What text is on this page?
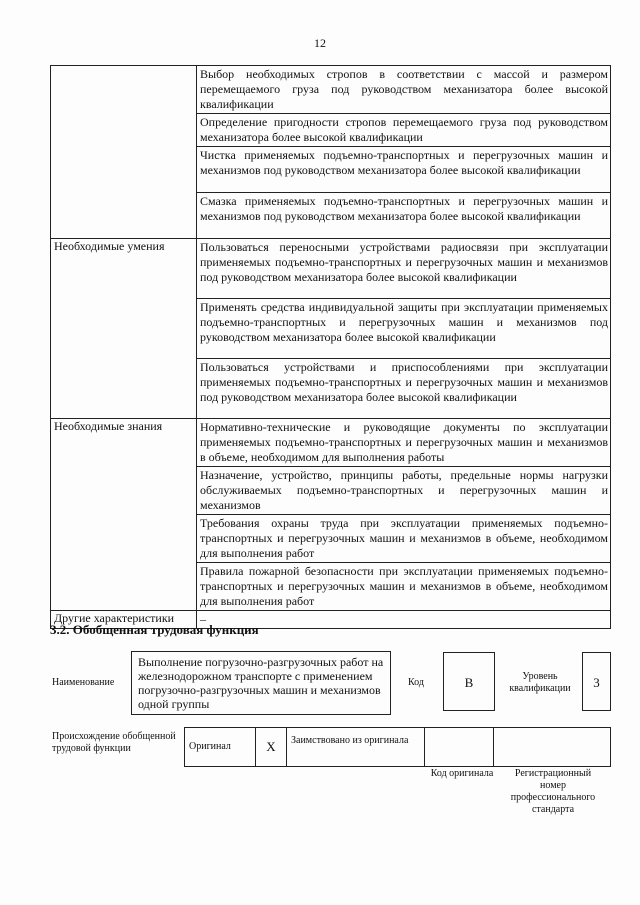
12
	Выбор необходимых стропов в соответствии с массой и размером перемещаемого груза под руководством механизатора более высокой квалификации
	Определение пригодности стропов перемещаемого груза под руководством механизатора более высокой квалификации
	Чистка применяемых подъемно-транспортных и перегрузочных машин и механизмов под руководством механизатора более высокой квалификации
	Смазка применяемых подъемно-транспортных и перегрузочных машин и механизмов под руководством механизатора более высокой квалификации
Необходимые умения	Пользоваться переносными устройствами радиосвязи при эксплуатации применяемых подъемно-транспортных и перегрузочных машин и механизмов под руководством механизатора более высокой квалификации
	Применять средства индивидуальной защиты при эксплуатации применяемых подъемно-транспортных и перегрузочных машин и механизмов под руководством механизатора более высокой квалификации
	Пользоваться устройствами и приспособлениями при эксплуатации применяемых подъемно-транспортных и перегрузочных машин и механизмов под руководством механизатора более высокой квалификации
Необходимые знания	Нормативно-технические и руководящие документы по эксплуатации применяемых подъемно-транспортных и перегрузочных машин и механизмов в объеме, необходимом для выполнения работы
	Назначение, устройство, принципы работы, предельные нормы нагрузки обслуживаемых подъемно-транспортных и перегрузочных машин и механизмов
	Требования охраны труда при эксплуатации применяемых подъемно-транспортных и перегрузочных машин и механизмов в объеме, необходимом для выполнения работ
	Правила пожарной безопасности при эксплуатации применяемых подъемно-транспортных и перегрузочных машин и механизмов в объеме, необходимом для выполнения работ
Другие характеристики	–
3.2. Обобщенная трудовая функция
Наименование
Выполнение погрузочно-разгрузочных работ на железнодорожном транспорте с применением погрузочно-разгрузочных машин и механизмов одной группы
Код	В	Уровень квалификации	3
Происхождение обобщенной трудовой функции	Оригинал	X	Заимствовано из оригинала		
Код оригинала	Регистрационный номер профессионального стандарта
